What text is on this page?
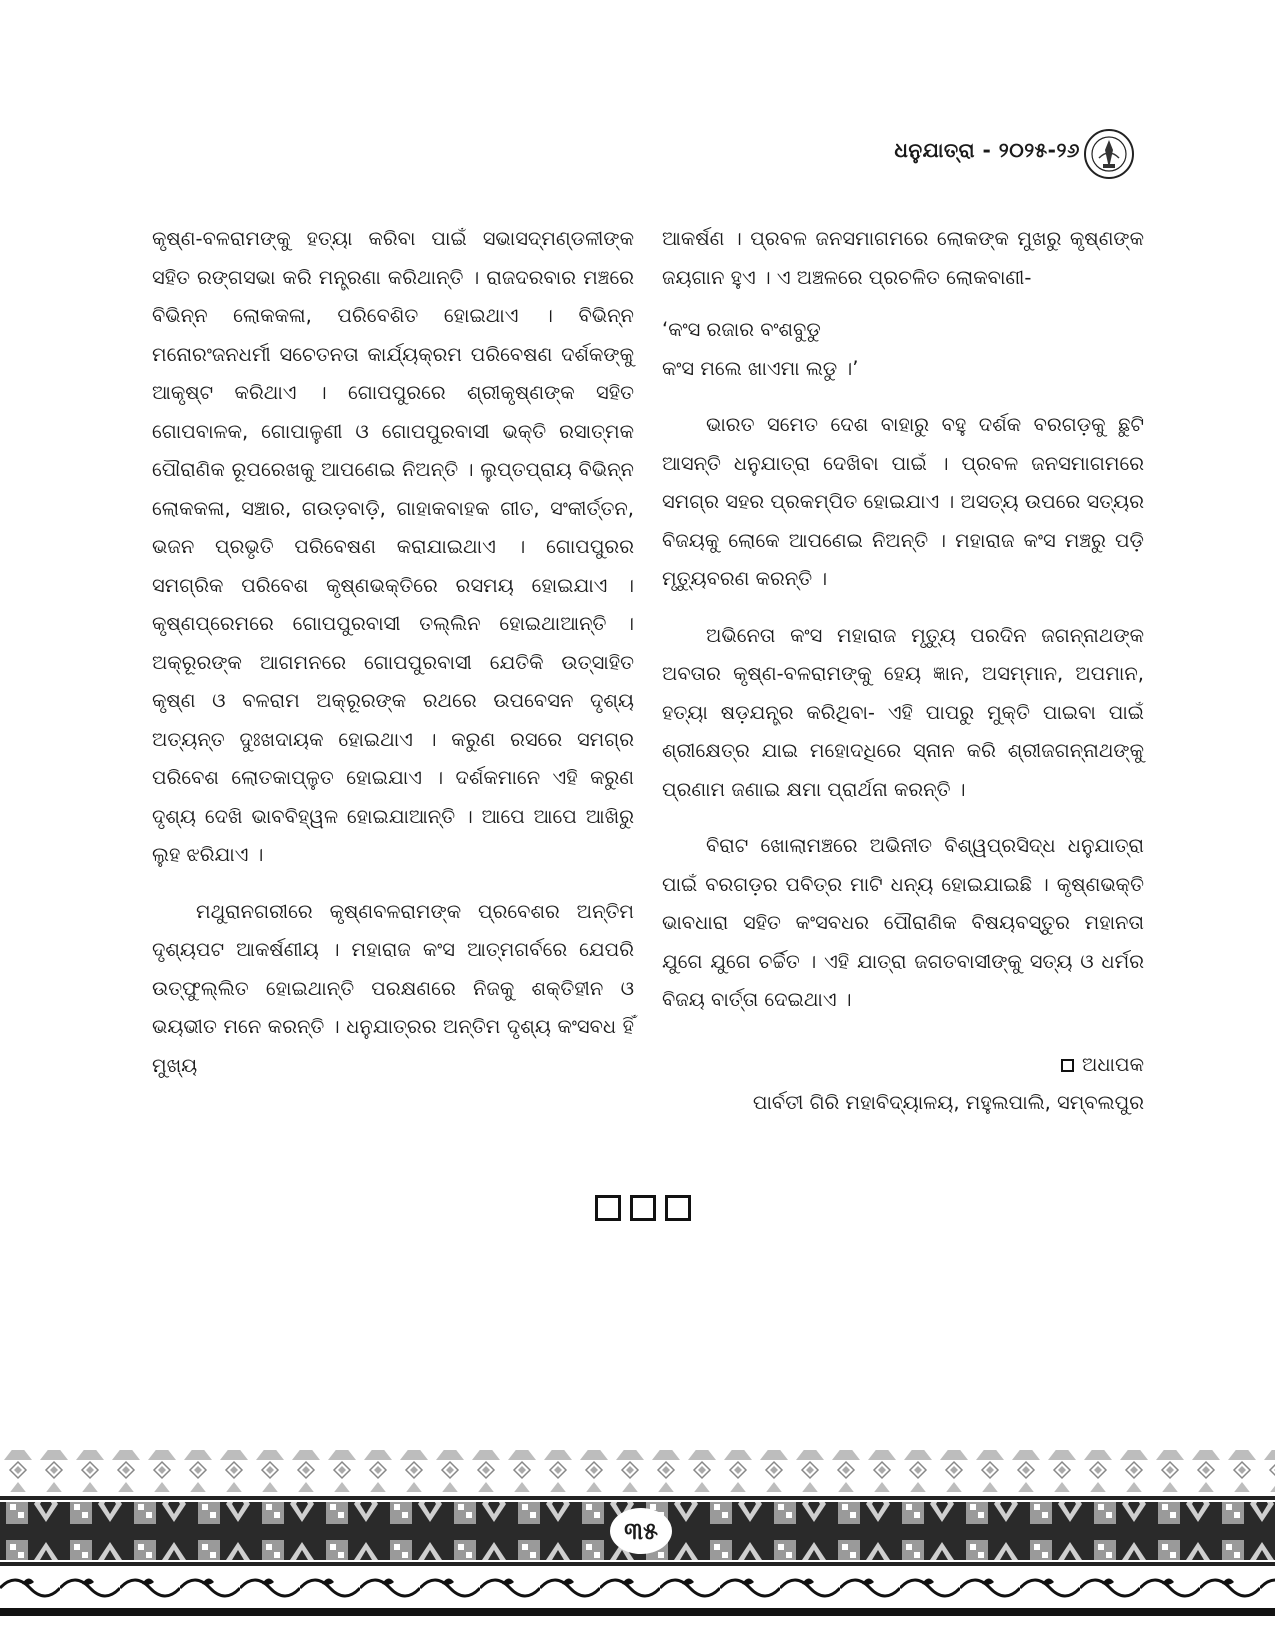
ଧନୁଯାତ୍ରା - ୨୦୨୫-୨୬

କୃଷ୍ଣ-ବଳରାମଙ୍କୁ ହତ୍ୟା କରିବା ପାଇଁ ସଭାସଦ୍‌ମଣ୍ଡଳୀଙ୍କ ସହିତ ରଙ୍ଗସଭା କରି ମନ୍ତ୍ରଣା କରିଥାନ୍ତି । ରାଜଦରବାର ମଞ୍ଚରେ ବିଭିନ୍ନ ଲୋକକଳା, ପରିବେଶିତ ହୋଇଥାଏ । ବିଭିନ୍ନ ମନୋରଂଜନଧର୍ମୀ ସଚେତନତା କାର୍ଯ୍ୟକ୍ରମ ପରିବେଷଣ ଦର୍ଶକଙ୍କୁ ଆକୃଷ୍ଟ କରିଥାଏ । ଗୋପପୁରରେ ଶ୍ରୀକୃଷ୍ଣଙ୍କ ସହିତ ଗୋପବାଳକ, ଗୋପାଳୁଣୀ ଓ ଗୋପପୁରବାସୀ ଭକ୍ତି ରସାତ୍ମକ ପୌରାଣିକ ରୂପରେଖକୁ ଆପଣେଇ ନିଅନ୍ତି । ଲୁପ୍ତପ୍ରାୟ ବିଭିନ୍ନ ଲୋକକଳା, ସଞ୍ଚାର, ଗଉଡ଼ବାଡ଼ି, ଗାହାକବାହକ ଗୀତ, ସଂକୀର୍ତ୍ତନ, ଭଜନ ପ୍ରଭୃତି ପରିବେଷଣ କରାଯାଇଥାଏ । ଗୋପପୁରର ସମଗ୍ରିକ ପରିବେଶ କୃଷ୍ଣଭକ୍ତିରେ ରସମୟ ହୋଇଯାଏ । କୃଷ୍ଣପ୍ରେମରେ ଗୋପପୁରବାସୀ ତଲ୍ଲିନ ହୋଇଥାଆନ୍ତି । ଅକ୍ରୂରଙ୍କ ଆଗମନରେ ଗୋପପୁରବାସୀ ଯେତିକି ଉତ୍ସାହିତ କୃଷ୍ଣ ଓ ବଳରାମ ଅକ୍ରୂରଙ୍କ ରଥରେ ଉପବେସନ ଦୃଶ୍ୟ ଅତ୍ୟନ୍ତ ଦୁଃଖଦାୟକ ହୋଇଥାଏ । କରୁଣ ରସରେ ସମଗ୍ର ପରିବେଶ ଲୋତକାପ୍ଳୁତ ହୋଇଯାଏ । ଦର୍ଶକମାନେ ଏହି କରୁଣ ଦୃଶ୍ୟ ଦେଖି ଭାବବିହ୍ୱଳ ହୋଇଯାଆନ୍ତି । ଆପେ ଆପେ ଆଖିରୁ ଲୁହ ଝରିଯାଏ ।

ମଥୁରାନଗରୀରେ କୃଷ୍ଣବଳରାମଙ୍କ ପ୍ରବେଶର ଅନ୍ତିମ ଦୃଶ୍ୟପଟ ଆକର୍ଷଣୀୟ । ମହାରାଜ କଂସ ଆତ୍ମଗର୍ବରେ ଯେପରି ଉତ୍‌ଫୁଲ୍ଲିତ ହୋଇଥାନ୍ତି ପରକ୍ଷଣରେ ନିଜକୁ ଶକ୍ତିହୀନ ଓ ଭୟଭୀତ ମନେ କରନ୍ତି । ଧନୁଯାତ୍ରର ଅନ୍ତିମ ଦୃଶ୍ୟ କଂସବଧ ହିଁ ମୁଖ୍ୟ

ଆକର୍ଷଣ । ପ୍ରବଳ ଜନସମାଗମରେ ଲୋକଙ୍କ ମୁଖରୁ କୃଷ୍ଣଙ୍କ ଜୟଗାନ ହୁଏ । ଏ ଅଞ୍ଚଳରେ ପ୍ରଚଳିତ ଲୋକବାଣୀ-

‘କଂସ ରଜାର ବଂଶବୁଡୁ
କଂସ ମଲେ ଖାଏମା ଲଡୁ ।’

ଭାରତ ସମେତ ଦେଶ ବାହାରୁ ବହୁ ଦର୍ଶକ ବରଗଡ଼କୁ ଛୁଟି ଆସନ୍ତି ଧନୁଯାତ୍ରା ଦେଖିବା ପାଇଁ । ପ୍ରବଳ ଜନସମାଗମରେ ସମଗ୍ର ସହର ପ୍ରକମ୍ପିତ ହୋଇଯାଏ । ଅସତ୍ୟ ଉପରେ ସତ୍ୟର ବିଜୟକୁ ଲୋକେ ଆପଣେଇ ନିଅନ୍ତି । ମହାରାଜ କଂସ ମଞ୍ଚରୁ ପଡ଼ି ମୃତ୍ୟୁବରଣ କରନ୍ତି ।

ଅଭିନେତା କଂସ ମହାରାଜ ମୃତ୍ୟୁ ପରଦିନ ଜଗନ୍ନାଥଙ୍କ ଅବତାର କୃଷ୍ଣ-ବଳରାମଙ୍କୁ ହେୟ ଜ୍ଞାନ, ଅସମ୍ମାନ, ଅପମାନ, ହତ୍ୟା ଷଡ଼ଯନ୍ତ୍ର କରିଥିବା- ଏହି ପାପରୁ ମୁକ୍ତି ପାଇବା ପାଇଁ ଶ୍ରୀକ୍ଷେତ୍ର ଯାଇ ମହୋଦଧିରେ ସ୍ନାନ କରି ଶ୍ରୀଜଗନ୍ନାଥଙ୍କୁ ପ୍ରଣାମ ଜଣାଇ କ୍ଷମା ପ୍ରାର୍ଥନା କରନ୍ତି ।

ବିରାଟ ଖୋଲାମଞ୍ଚରେ ଅଭିନୀତ ବିଶ୍ୱପ୍ରସିଦ୍ଧ ଧନୁଯାତ୍ରା ପାଇଁ ବରଗଡ଼ର ପବିତ୍ର ମାଟି ଧନ୍ୟ ହୋଇଯାଇଛି । କୃଷ୍ଣଭକ୍ତି ଭାବଧାରା ସହିତ କଂସବଧର ପୌରାଣିକ ବିଷୟବସ୍ତୁର ମହାନତା ଯୁଗେ ଯୁଗେ ଚର୍ଚ୍ଚିତ । ଏହି ଯାତ୍ରା ଜଗତବାସୀଙ୍କୁ ସତ୍ୟ ଓ ଧର୍ମର ବିଜୟ ବାର୍ତ୍ତା ଦେଇଥାଏ ।

ଅଧାପକ
ପାର୍ବତୀ ଗିରି ମହାବିଦ୍ୟାଳୟ, ମହୁଲପାଲି, ସମ୍ବଲପୁର

୩୫
